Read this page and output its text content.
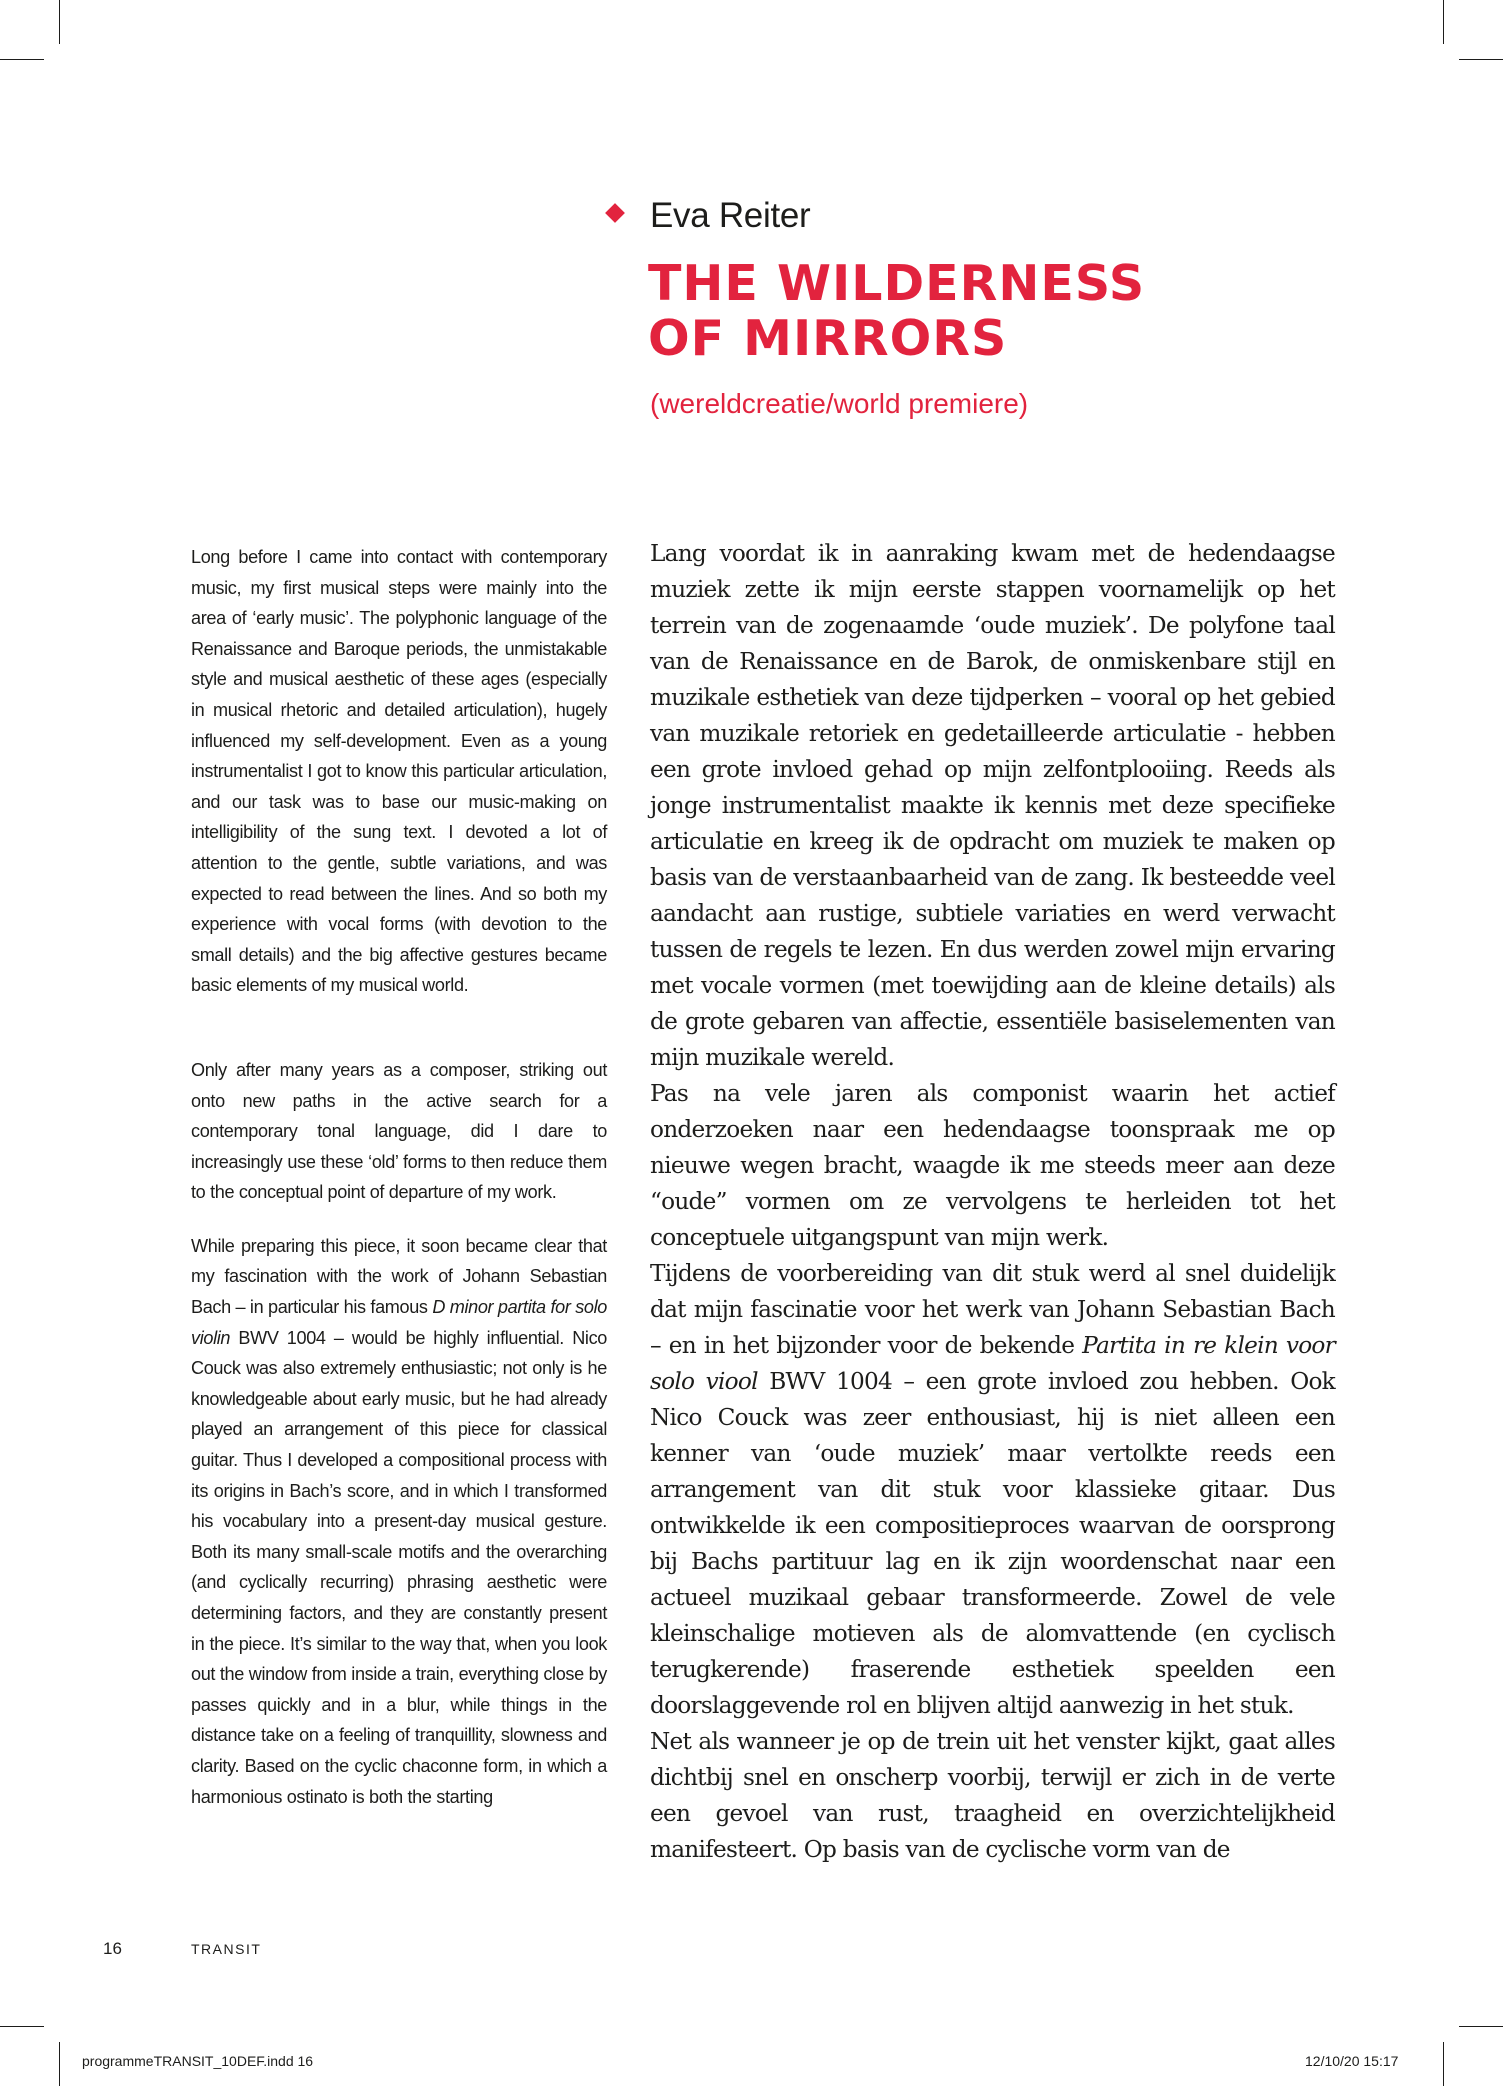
Eva Reiter
THE WILDERNESS
OF MIRRORS
(wereldcreatie/world premiere)

Long before I came into contact with contemporary music, my first musical steps were mainly into the area of ‘early music’. The polyphonic language of the Renaissance and Baroque periods, the unmistakable style and musical aesthetic of these ages (especially in musical rhetoric and detailed articulation), hugely influenced my self-development. Even as a young instrumentalist I got to know this particular articulation, and our task was to base our music-making on intelligibility of the sung text. I devoted a lot of attention to the gentle, subtle variations, and was expected to read between the lines. And so both my experience with vocal forms (with devotion to the small details) and the big affective gestures became basic elements of my musical world.

Only after many years as a composer, striking out onto new paths in the active search for a contemporary tonal language, did I dare to increasingly use these ‘old’ forms to then reduce them to the conceptual point of departure of my work.

While preparing this piece, it soon became clear that my fascination with the work of Johann Sebastian Bach – in particular his famous D minor partita for solo violin BWV 1004 – would be highly influential. Nico Couck was also extremely enthusiastic; not only is he knowledgeable about early music, but he had already played an arrangement of this piece for classical guitar. Thus I developed a compositional process with its origins in Bach’s score, and in which I transformed his vocabulary into a present-day musical gesture. Both its many small-scale motifs and the overarching (and cyclically recurring) phrasing aesthetic were determining factors, and they are constantly present in the piece. It’s similar to the way that, when you look out the window from inside a train, everything close by passes quickly and in a blur, while things in the distance take on a feeling of tranquillity, slowness and clarity. Based on the cyclic chaconne form, in which a harmonious ostinato is both the starting

Lang voordat ik in aanraking kwam met de hedendaagse muziek zette ik mijn eerste stappen voornamelijk op het terrein van de zogenaamde ‘oude muziek’. De polyfone taal van de Renaissance en de Barok, de onmiskenbare stijl en muzikale esthetiek van deze tijdperken – vooral op het gebied van muzikale retoriek en gedetailleerde articulatie - hebben een grote invloed gehad op mijn zelfontplooiing. Reeds als jonge instrumentalist maakte ik kennis met deze specifieke articulatie en kreeg ik de opdracht om muziek te maken op basis van de verstaanbaarheid van de zang. Ik besteedde veel aandacht aan rustige, subtiele variaties en werd verwacht tussen de regels te lezen. En dus werden zowel mijn ervaring met vocale vormen (met toewijding aan de kleine details) als de grote gebaren van affectie, essentiële basiselementen van mijn muzikale wereld.

Pas na vele jaren als componist waarin het actief onderzoeken naar een hedendaagse toonspraak me op nieuwe wegen bracht, waagde ik me steeds meer aan deze “oude” vormen om ze vervolgens te herleiden tot het conceptuele uitgangspunt van mijn werk.

Tijdens de voorbereiding van dit stuk werd al snel duidelijk dat mijn fascinatie voor het werk van Johann Sebastian Bach – en in het bijzonder voor de bekende Partita in re klein voor solo viool BWV 1004 – een grote invloed zou hebben. Ook Nico Couck was zeer enthousiast, hij is niet alleen een kenner van ‘oude muziek’ maar vertolkte reeds een arrangement van dit stuk voor klassieke gitaar. Dus ontwikkelde ik een compositieproces waarvan de oorsprong bij Bachs partituur lag en ik zijn woordenschat naar een actueel muzikaal gebaar transformeerde. Zowel de vele kleinschalige motieven als de alomvattende (en cyclisch terugkerende) fraserende esthetiek speelden een doorslaggevende rol en blijven altijd aanwezig in het stuk.

Net als wanneer je op de trein uit het venster kijkt, gaat alles dichtbij snel en onscherp voorbij, terwijl er zich in de verte een gevoel van rust, traagheid en overzichtelijkheid manifesteert. Op basis van de cyclische vorm van de

16	TRANSIT
programmeTRANSIT_10DEF.indd 16	12/10/20 15:17
